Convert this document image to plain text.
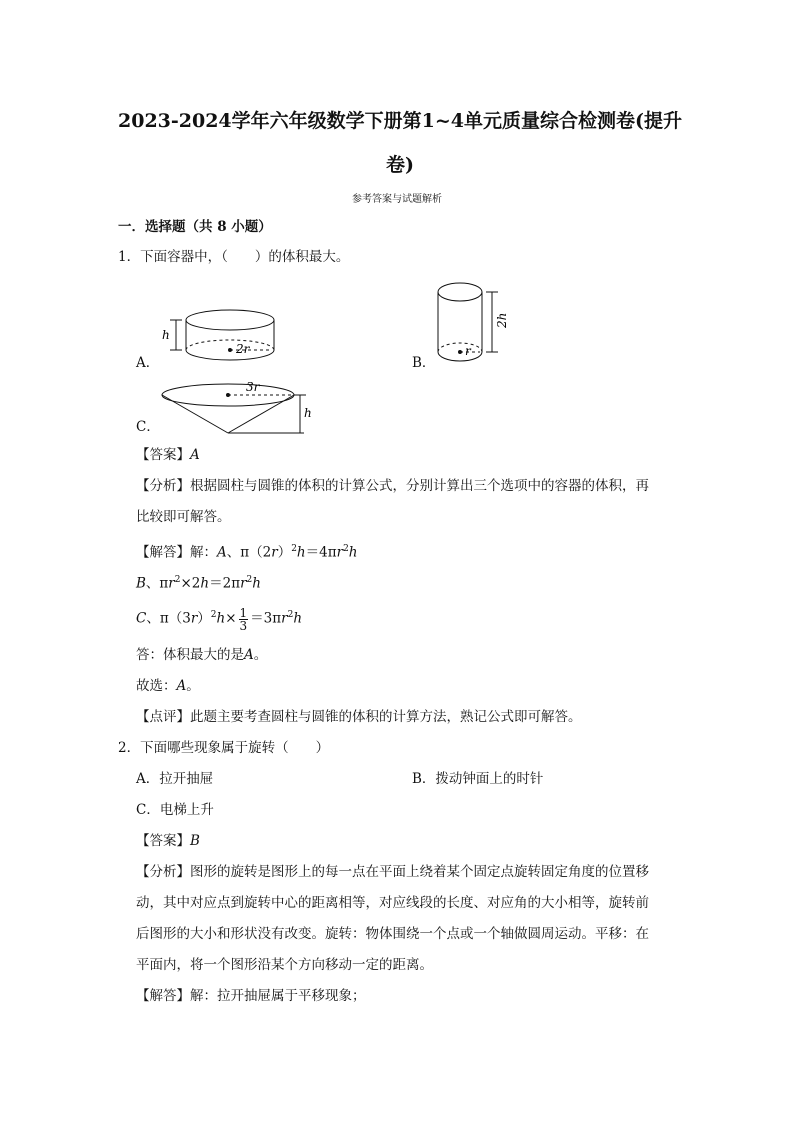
2023-2024学年六年级数学下册第1~4单元质量综合检测卷(提升
卷)
参考答案与试题解析
一．选择题（共 8 小题）
1．下面容器中，（　　）的体积最大。
A．
h
2r
B．
2h
r
C．
h
3r
【答案】A
【分析】根据圆柱与圆锥的体积的计算公式，分别计算出三个选项中的容器的体积，再
比较即可解答。
【解答】解：A、$\pi(2r)^2h=4\pi r^2h$
B、$\pi r^2\times 2h=2\pi r^2h$
C、$\pi(3r)^2h\times \frac{1}{3} =3\pi r^2h$
答：体积最大的是A。
故选：A。
【点评】此题主要考查圆柱与圆锥的体积的计算方法，熟记公式即可解答。
2．下面哪些现象属于旋转（　　）
A．拉开抽屉	B．拨动钟面上的时针
C．电梯上升
【答案】B
【分析】图形的旋转是图形上的每一点在平面上绕着某个固定点旋转固定角度的位置移
动，其中对应点到旋转中心的距离相等，对应线段的长度、对应角的大小相等，旋转前
后图形的大小和形状没有改变。旋转：物体围绕一个点或一个轴做圆周运动。平移：在
平面内，将一个图形沿某个方向移动一定的距离。
【解答】解：拉开抽屉属于平移现象；
